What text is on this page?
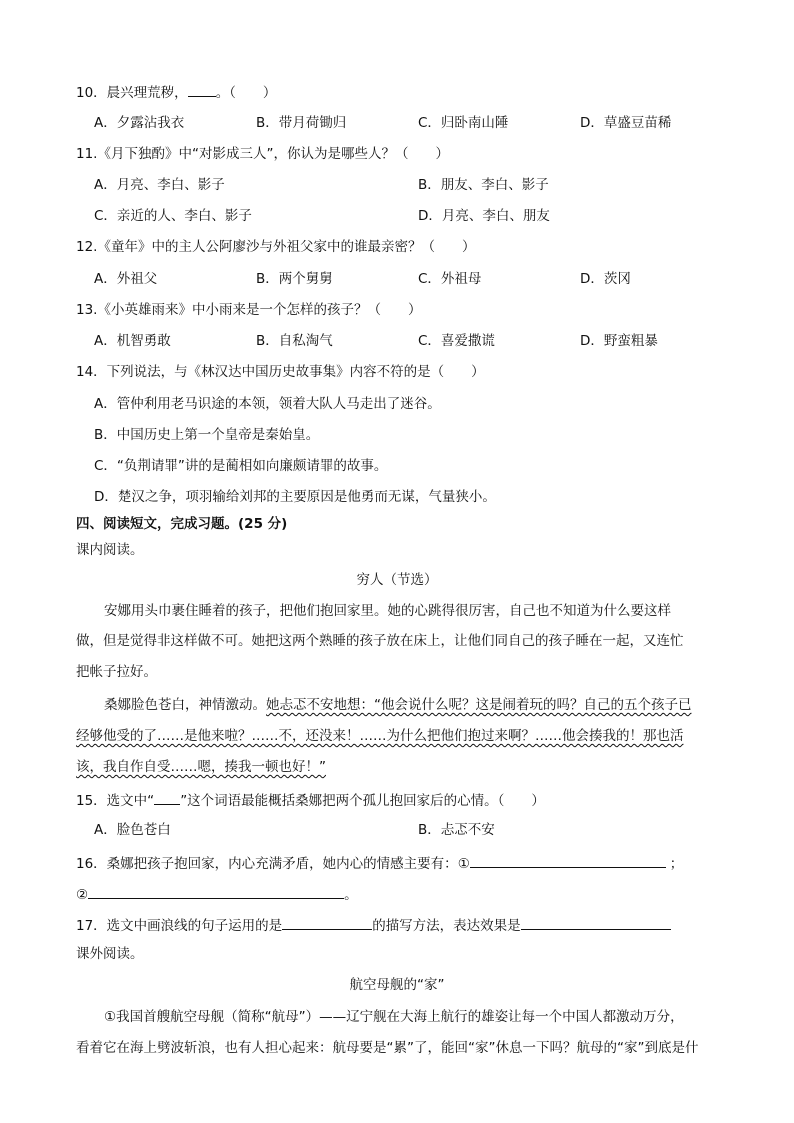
10．晨兴理荒秽， 。（　　）
A．夕露沾我衣	B．带月荷锄归	C．归卧南山陲	D．草盛豆苗稀
11.《月下独酌》中“对影成三人”，你认为是哪些人？（　　）
A．月亮、李白、影子	B．朋友、李白、影子
C．亲近的人、李白、影子	D．月亮、李白、朋友
12.《童年》中的主人公阿廖沙与外祖父家中的谁最亲密？（　　）
A．外祖父	B．两个舅舅	C．外祖母	D．茨冈
13.《小英雄雨来》中小雨来是一个怎样的孩子？（　　）
A．机智勇敢	B．自私淘气	C．喜爱撒谎	D．野蛮粗暴
14．下列说法，与《林汉达中国历史故事集》内容不符的是（　　）
A．管仲利用老马识途的本领，领着大队人马走出了迷谷。
B．中国历史上第一个皇帝是秦始皇。
C．“负荆请罪”讲的是蔺相如向廉颇请罪的故事。
D．楚汉之争，项羽输给刘邦的主要原因是他勇而无谋，气量狭小。
四、阅读短文，完成习题。(25 分)
课内阅读。
穷人（节选）
安娜用头巾裹住睡着的孩子，把他们抱回家里。她的心跳得很厉害，自己也不知道为什么要这样
做，但是觉得非这样做不可。她把这两个熟睡的孩子放在床上，让他们同自己的孩子睡在一起，又连忙
把帐子拉好。
桑娜脸色苍白，神情激动。她忐忑不安地想：“他会说什么呢？这是闹着玩的吗？自己的五个孩子已
经够他受的了……是他来啦？……不，还没来！……为什么把他们抱过来啊？……他会揍我的！那也活
该，我自作自受……嗯，揍我一顿也好！”
15．选文中“ ”这个词语最能概括桑娜把两个孤儿抱回家后的心情。（　　）
A．脸色苍白	B．忐忑不安
16．桑娜把孩子抱回家，内心充满矛盾，她内心的情感主要有：①	；
②	。
17．选文中画浪线的句子运用的是	的描写方法，表达效果是
课外阅读。
航空母舰的“家”
①我国首艘航空母舰（简称“航母”）——辽宁舰在大海上航行的雄姿让每一个中国人都激动万分，
看着它在海上劈波斩浪，也有人担心起来：航母要是“累”了，能回“家”休息一下吗？航母的“家”到底是什
